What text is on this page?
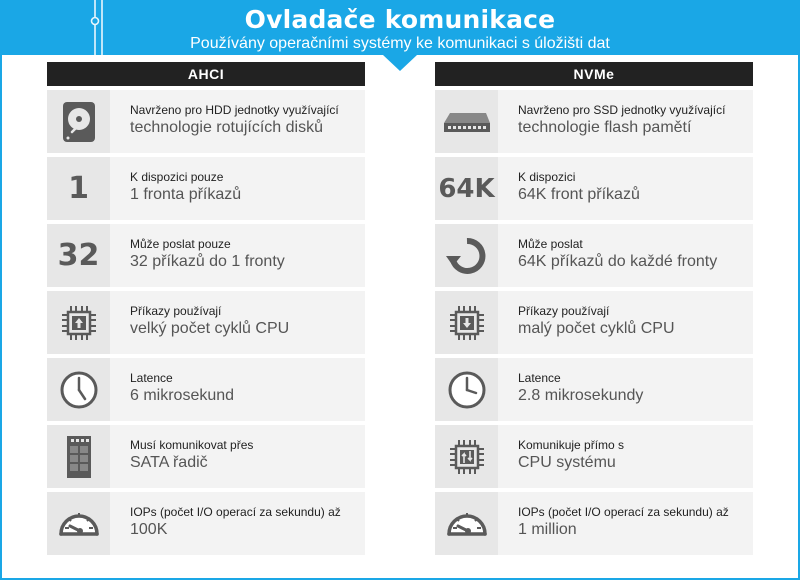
Ovladače komunikace
Používány operačními systémy ke komunikaci s úložišti dat
AHCI
Navrženo pro HDD jednotky využívající
technologie rotujících disků
1	K dispozici pouze
1 fronta příkazů
32	Může poslat pouze
32 příkazů do 1 fronty
Příkazy používají
velký počet cyklů CPU
Latence
6 mikrosekund
Musí komunikovat přes
SATA řadič
IOPs (počet I/O operací za sekundu) až
100K
NVMe
Navrženo pro SSD jednotky využívající
technologie flash pamětí
64K K dispozici
64K front příkazů
Může poslat
64K příkazů do každé fronty
Příkazy používají
malý počet cyklů CPU
Latence
2.8 mikrosekundy
Komunikuje přímo s
CPU systému
IOPs (počet I/O operací za sekundu) až
1 million
